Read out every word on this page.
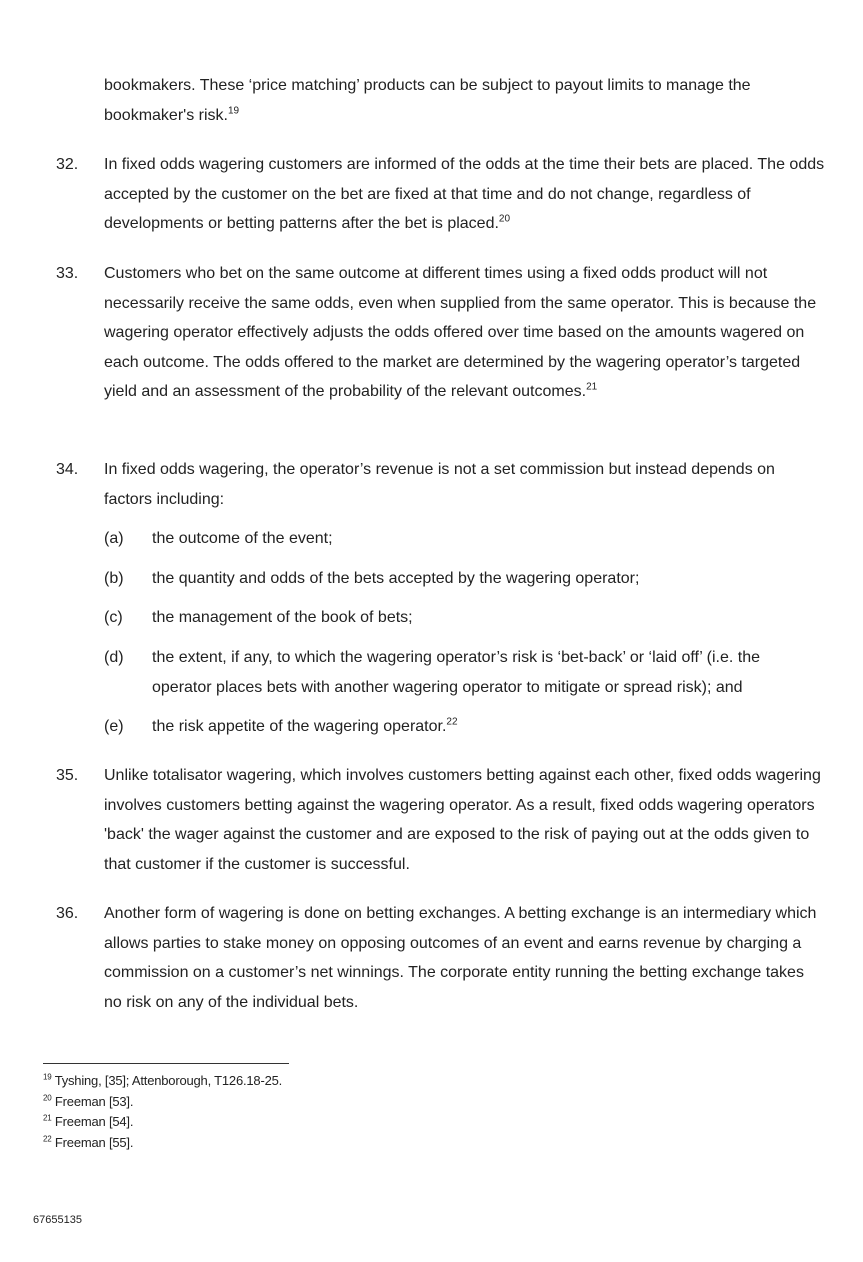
bookmakers. These ‘price matching’ products can be subject to payout limits to manage the bookmaker's risk.$^{19}$
32. In fixed odds wagering customers are informed of the odds at the time their bets are placed. The odds accepted by the customer on the bet are fixed at that time and do not change, regardless of developments or betting patterns after the bet is placed.$^{20}$
33. Customers who bet on the same outcome at different times using a fixed odds product will not necessarily receive the same odds, even when supplied from the same operator. This is because the wagering operator effectively adjusts the odds offered over time based on the amounts wagered on each outcome. The odds offered to the market are determined by the wagering operator’s targeted yield and an assessment of the probability of the relevant outcomes.$^{21}$
34. In fixed odds wagering, the operator’s revenue is not a set commission but instead depends on factors including:
(a) the outcome of the event;
(b) the quantity and odds of the bets accepted by the wagering operator;
(c) the management of the book of bets;
(d) the extent, if any, to which the wagering operator’s risk is ‘bet-back’ or ‘laid off’ (i.e. the operator places bets with another wagering operator to mitigate or spread risk); and
(e) the risk appetite of the wagering operator.$^{22}$
35. Unlike totalisator wagering, which involves customers betting against each other, fixed odds wagering involves customers betting against the wagering operator. As a result, fixed odds wagering operators 'back' the wager against the customer and are exposed to the risk of paying out at the odds given to that customer if the customer is successful.
36. Another form of wagering is done on betting exchanges. A betting exchange is an intermediary which allows parties to stake money on opposing outcomes of an event and earns revenue by charging a commission on a customer’s net winnings. The corporate entity running the betting exchange takes no risk on any of the individual bets.
$^{19}$ Tyshing, [35]; Attenborough, T126.18-25.
$^{20}$ Freeman [53].
$^{21}$ Freeman [54].
$^{22}$ Freeman [55].
67655135
